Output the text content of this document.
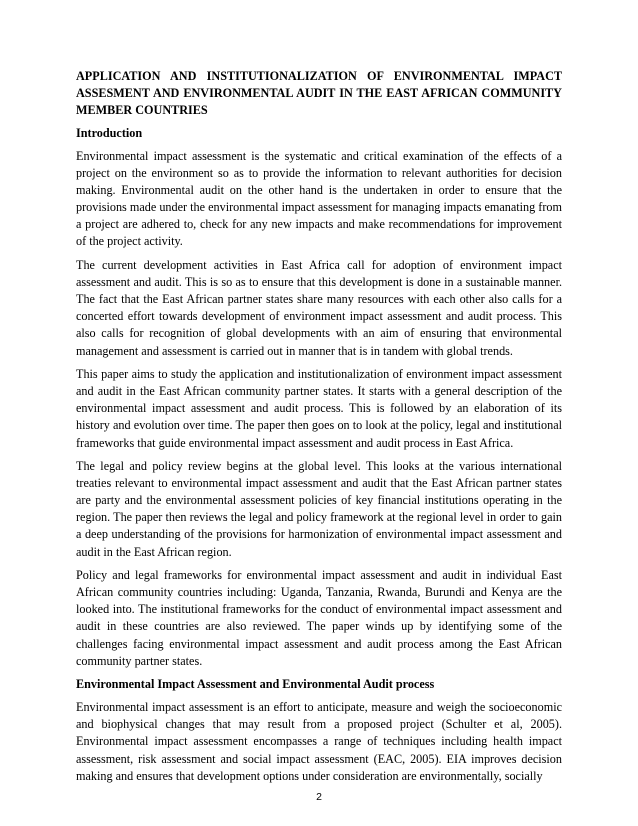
APPLICATION AND INSTITUTIONALIZATION OF ENVIRONMENTAL IMPACT ASSESMENT AND ENVIRONMENTAL AUDIT IN THE EAST AFRICAN COMMUNITY MEMBER COUNTRIES
Introduction

Environmental impact assessment is the systematic and critical examination of the effects of a project on the environment so as to provide the information to relevant authorities for decision making. Environmental audit on the other hand is the undertaken in order to ensure that the provisions made under the environmental impact assessment for managing impacts emanating from a project are adhered to, check for any new impacts and make recommendations for improvement of the project activity.

The current development activities in East Africa call for adoption of environment impact assessment and audit. This is so as to ensure that this development is done in a sustainable manner. The fact that the East African partner states share many resources with each other also calls for a concerted effort towards development of environment impact assessment and audit process. This also calls for recognition of global developments with an aim of ensuring that environmental management and assessment is carried out in manner that is in tandem with global trends.

This paper aims to study the application and institutionalization of environment impact assessment and audit in the East African community partner states. It starts with a general description of the environmental impact assessment and audit process. This is followed by an elaboration of its history and evolution over time. The paper then goes on to look at the policy, legal and institutional frameworks that guide environmental impact assessment and audit process in East Africa.

The legal and policy review begins at the global level. This looks at the various international treaties relevant to environmental impact assessment and audit that the East African partner states are party and the environmental assessment policies of key financial institutions operating in the region. The paper then reviews the legal and policy framework at the regional level in order to gain a deep understanding of the provisions for harmonization of environmental impact assessment and audit in the East African region.

Policy and legal frameworks for environmental impact assessment and audit in individual East African community countries including: Uganda, Tanzania, Rwanda, Burundi and Kenya are the looked into. The institutional frameworks for the conduct of environmental impact assessment and audit in these countries are also reviewed. The paper winds up by identifying some of the challenges facing environmental impact assessment and audit process among the East African community partner states.

Environmental Impact Assessment and Environmental Audit process

Environmental impact assessment is an effort to anticipate, measure and weigh the socioeconomic and biophysical changes that may result from a proposed project (Schulter et al, 2005). Environmental impact assessment encompasses a range of techniques including health impact assessment, risk assessment and social impact assessment (EAC, 2005). EIA improves decision making and ensures that development options under consideration are environmentally, socially

2
